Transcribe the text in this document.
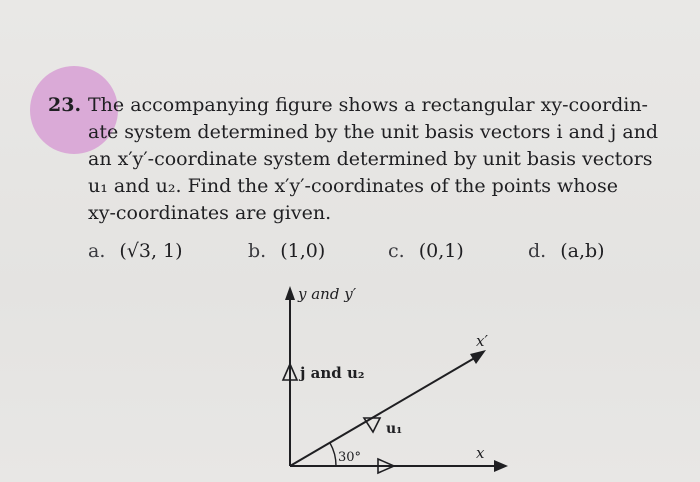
23. The accompanying figure shows a rectangular xy-coordin-
ate system determined by the unit basis vectors i and j and
an x′y′-coordinate system determined by unit basis vectors
u₁ and u₂. Find the x′y′-coordinates of the points whose
xy-coordinates are given.
a. (√3, 1)	b. (1,0)	c. (0,1)	d. (a,b)
y and y′
j and u₂
x
x′
u₁
30°
